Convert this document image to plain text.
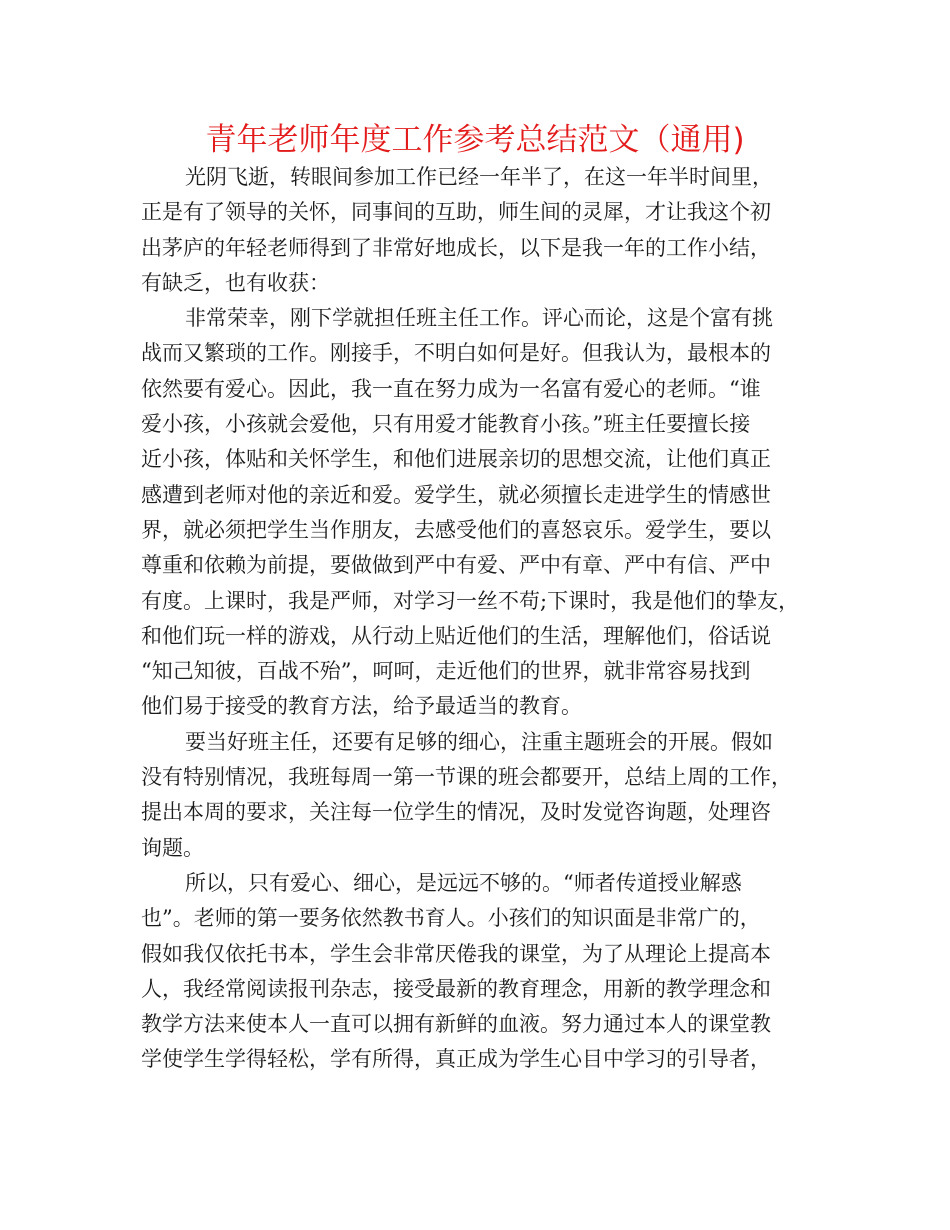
青年老师年度工作参考总结范文（通用)
光阴飞逝，转眼间参加工作已经一年半了，在这一年半时间里，
正是有了领导的关怀，同事间的互助，师生间的灵犀，才让我这个初
出茅庐的年轻老师得到了非常好地成长，以下是我一年的工作小结，
有缺乏，也有收获：
非常荣幸，刚下学就担任班主任工作。评心而论，这是个富有挑
战而又繁琐的工作。刚接手，不明白如何是好。但我认为，最根本的
依然要有爱心。因此，我一直在努力成为一名富有爱心的老师。“谁
爱小孩，小孩就会爱他，只有用爱才能教育小孩。”班主任要擅长接
近小孩，体贴和关怀学生，和他们进展亲切的思想交流，让他们真正
感遭到老师对他的亲近和爱。爱学生，就必须擅长走进学生的情感世
界，就必须把学生当作朋友，去感受他们的喜怒哀乐。爱学生，要以
尊重和依赖为前提，要做做到严中有爱、严中有章、严中有信、严中
有度。上课时，我是严师，对学习一丝不苟;下课时，我是他们的挚友，
和他们玩一样的游戏，从行动上贴近他们的生活，理解他们，俗话说
“知己知彼，百战不殆”，呵呵，走近他们的世界，就非常容易找到
他们易于接受的教育方法，给予最适当的教育。
要当好班主任，还要有足够的细心，注重主题班会的开展。假如
没有特别情况，我班每周一第一节课的班会都要开，总结上周的工作，
提出本周的要求，关注每一位学生的情况，及时发觉咨询题，处理咨
询题。
所以，只有爱心、细心，是远远不够的。“师者传道授业解惑
也”。老师的第一要务依然教书育人。小孩们的知识面是非常广的，
假如我仅依托书本，学生会非常厌倦我的课堂，为了从理论上提高本
人，我经常阅读报刊杂志，接受最新的教育理念，用新的教学理念和
教学方法来使本人一直可以拥有新鲜的血液。努力通过本人的课堂教
学使学生学得轻松，学有所得，真正成为学生心目中学习的引导者，
